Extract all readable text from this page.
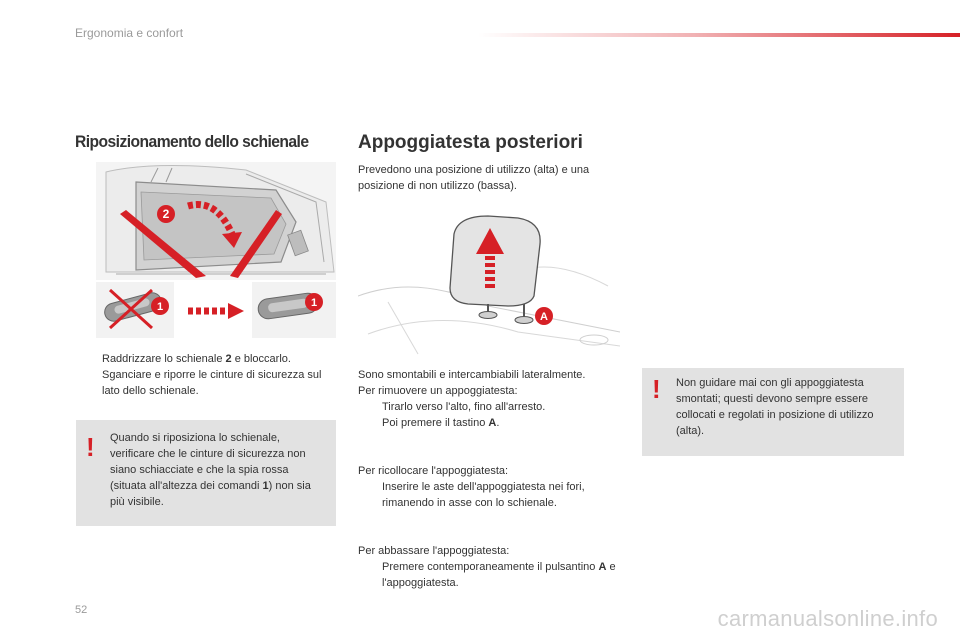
Ergonomia e confort
Riposizionamento dello schienale
2
1	1
Raddrizzare lo schienale 2 e bloccarlo.
Sganciare e riporre le cinture di sicurezza sul lato dello schienale.
! Quando si riposiziona lo schienale, verificare che le cinture di sicurezza non siano schiacciate e che la spia rossa (situata all'altezza dei comandi 1) non sia più visibile.
Appoggiatesta posteriori
Prevedono una posizione di utilizzo (alta) e una posizione di non utilizzo (bassa).
A
Sono smontabili e intercambiabili lateralmente.
Per rimuovere un appoggiatesta:
Tirarlo verso l'alto, fino all'arresto.
Poi premere il tastino A.
Per ricollocare l'appoggiatesta:
Inserire le aste dell'appoggiatesta nei fori, rimanendo in asse con lo schienale.
Per abbassare l'appoggiatesta:
Premere contemporaneamente il pulsantino A e l'appoggiatesta.
! Non guidare mai con gli appoggiatesta smontati; questi devono sempre essere collocati e regolati in posizione di utilizzo (alta).
52	carmanualsonline.info
